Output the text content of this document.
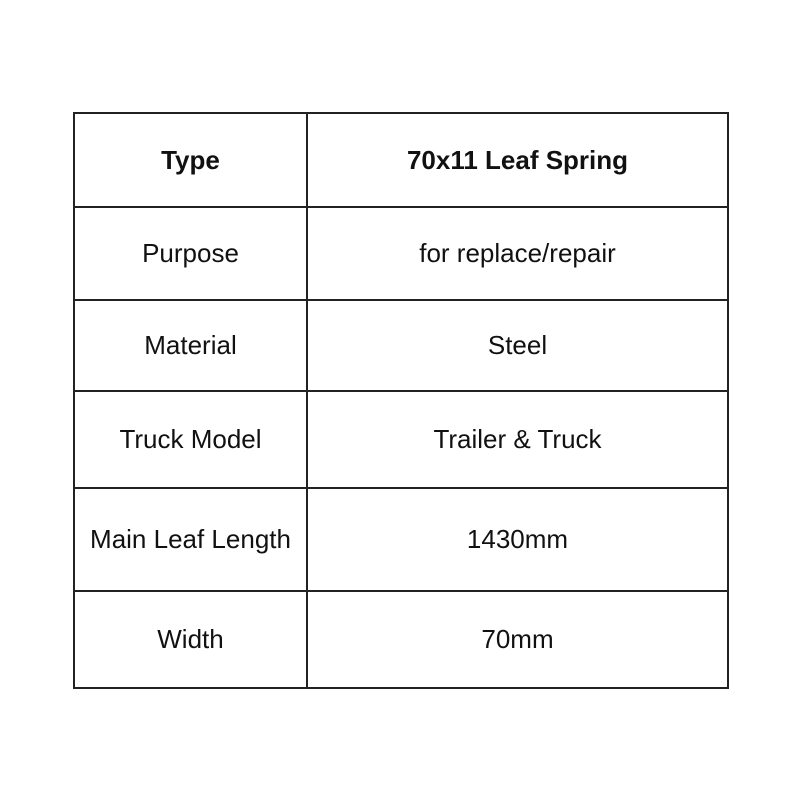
Type	70x11 Leaf Spring
Purpose	for replace/repair
Material	Steel
Truck Model	Trailer & Truck
Main Leaf Length	1430mm
Width	70mm
